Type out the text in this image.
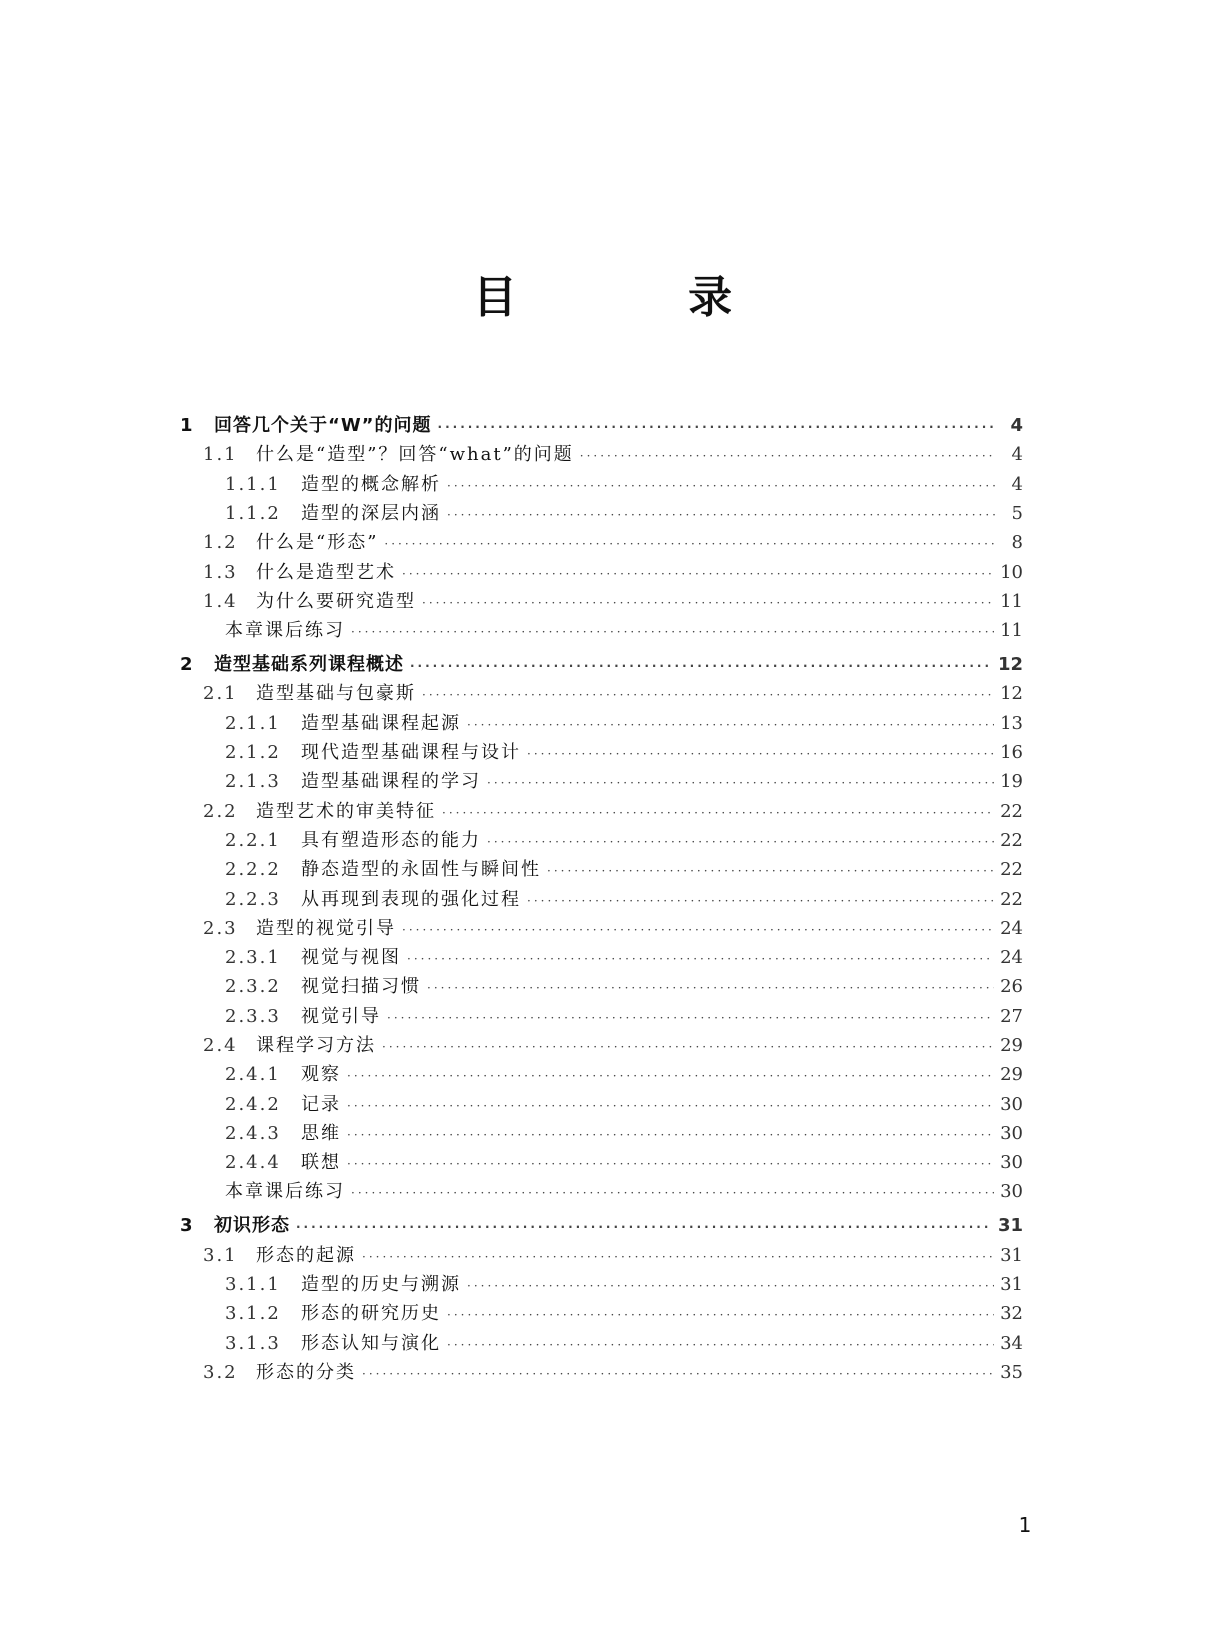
目 录
1	回答几个关于“W”的问题 ·····	4
1.1	什么是“造型”？回答“what”的问题 ·····	4
1.1.1	造型的概念解析 ·····	4
1.1.2	造型的深层内涵 ·····	5
1.2	什么是“形态” ·····	8
1.3	什么是造型艺术 ·····	10
1.4	为什么要研究造型 ·····	11
本章课后练习 ·····	11
2	造型基础系列课程概述 ·····	12
2.1	造型基础与包豪斯 ·····	12
2.1.1	造型基础课程起源 ·····	13
2.1.2	现代造型基础课程与设计 ·····	16
2.1.3	造型基础课程的学习 ·····	19
2.2	造型艺术的审美特征 ·····	22
2.2.1	具有塑造形态的能力 ·····	22
2.2.2	静态造型的永固性与瞬间性 ·····	22
2.2.3	从再现到表现的强化过程 ·····	22
2.3	造型的视觉引导 ·····	24
2.3.1	视觉与视图 ·····	24
2.3.2	视觉扫描习惯 ·····	26
2.3.3	视觉引导 ·····	27
2.4	课程学习方法 ·····	29
2.4.1	观察 ·····	29
2.4.2	记录 ·····	30
2.4.3	思维 ·····	30
2.4.4	联想 ·····	30
本章课后练习 ·····	30
3	初识形态 ·····	31
3.1	形态的起源 ·····	31
3.1.1	造型的历史与溯源 ·····	31
3.1.2	形态的研究历史 ·····	32
3.1.3	形态认知与演化 ·····	34
3.2	形态的分类 ·····	35
1
